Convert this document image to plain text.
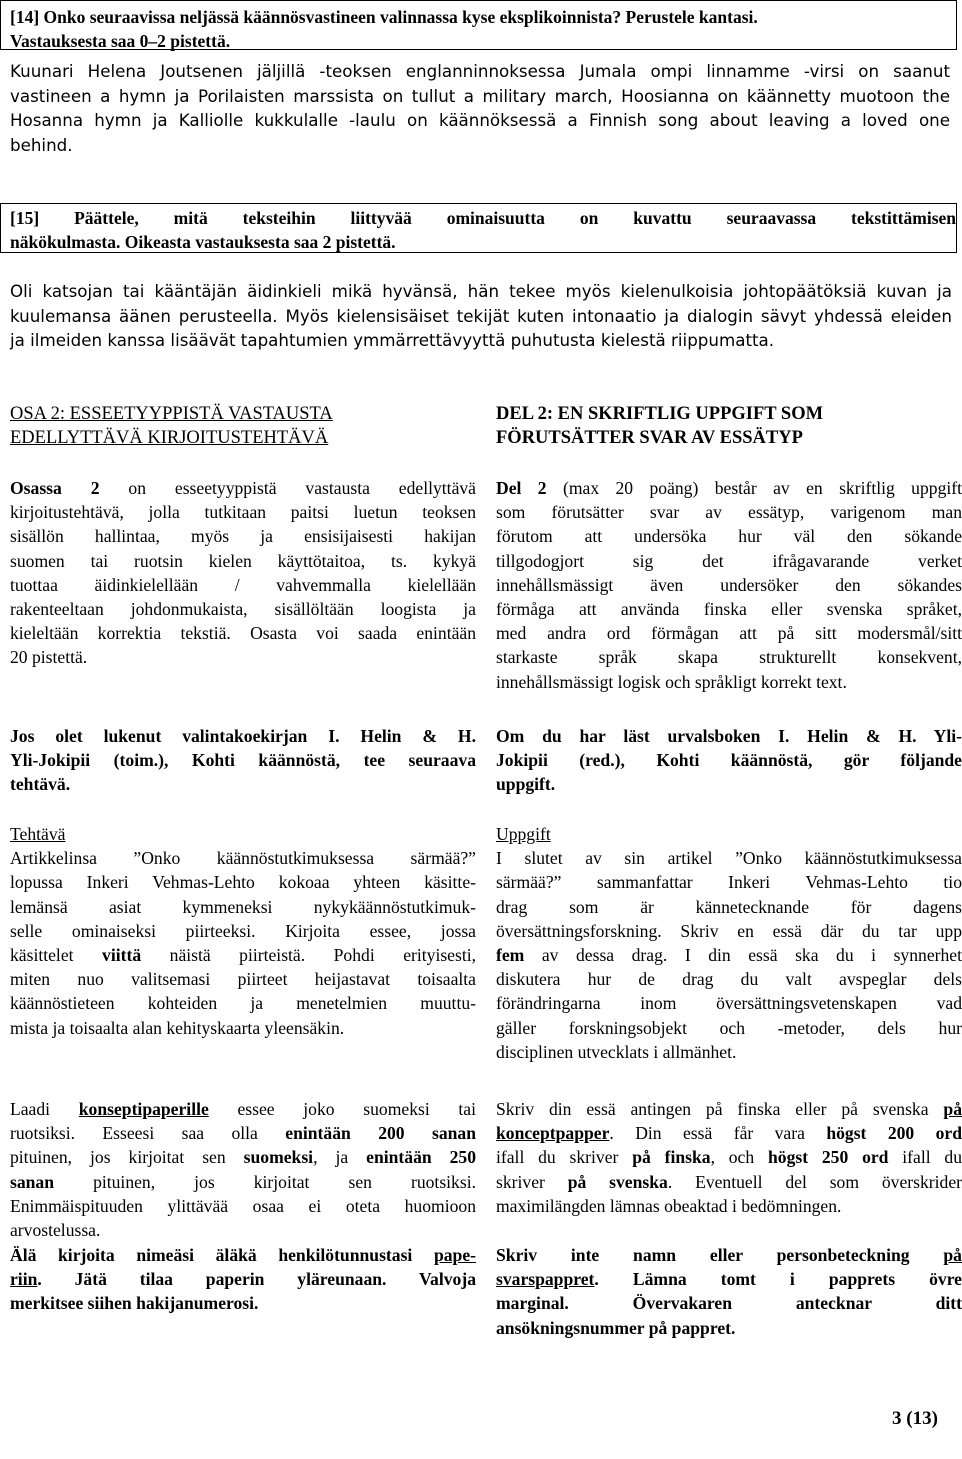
[14] Onko seuraavissa neljässä käännösvastineen valinnassa kyse eksplikoinnista? Perustele kantasi.
Vastauksesta saa 0–2 pistettä.
Kuunari Helena Joutsenen jäljillä -teoksen englanninnoksessa Jumala ompi linnamme -virsi on saanut
vastineen a hymn ja Porilaisten marssista on tullut a military march, Hoosianna on käännetty muotoon the
Hosanna hymn ja Kalliolle kukkulalle -laulu on käännöksessä a Finnish song about leaving a loved one
behind.
[15] Päättele, mitä teksteihin liittyvää ominaisuutta on kuvattu seuraavassa tekstittämisen
näkökulmasta. Oikeasta vastauksesta saa 2 pistettä.
Oli katsojan tai kääntäjän äidinkieli mikä hyvänsä, hän tekee myös kielenulkoisia johtopäätöksiä kuvan ja
kuulemansa äänen perusteella. Myös kielensisäiset tekijät kuten intonaatio ja dialogin sävyt yhdessä eleiden
ja ilmeiden kanssa lisäävät tapahtumien ymmärrettävyyttä puhutusta kielestä riippumatta.
OSA 2: ESSEETYYPPISTÄ VASTAUSTA
EDELLYTTÄVÄ KIRJOITUSTEHTÄVÄ
Osassa 2 on esseetyyppistä vastausta edellyttävä
kirjoitustehtävä, jolla tutkitaan paitsi luetun teoksen
sisällön hallintaa, myös ja ensisijaisesti hakijan
suomen tai ruotsin kielen käyttötaitoa, ts. kykyä
tuottaa äidinkielellään / vahvemmalla kielellään
rakenteeltaan johdonmukaista, sisällöltään loogista ja
kieleltään korrektia tekstiä. Osasta voi saada enintään
20 pistettä.
Jos olet lukenut valintakoekirjan I. Helin & H.
Yli-Jokipii (toim.), Kohti käännöstä, tee seuraava
tehtävä.
Tehtävä
Artikkelinsa ”Onko käännöstutkimuksessa särmää?”
lopussa Inkeri Vehmas-Lehto kokoaa yhteen käsitte-
lemänsä asiat kymmeneksi nykykäännöstutkimuk-
selle ominaiseksi piirteeksi. Kirjoita essee, jossa
käsittelet viittä näistä piirteistä. Pohdi erityisesti,
miten nuo valitsemasi piirteet heijastavat toisaalta
käännöstieteen kohteiden ja menetelmien muuttu-
mista ja toisaalta alan kehityskaarta yleensäkin.
Laadi konseptipaperille essee joko suomeksi tai
ruotsiksi. Esseesi saa olla enintään 200 sanan
pituinen, jos kirjoitat sen suomeksi, ja enintään 250
sanan pituinen, jos kirjoitat sen ruotsiksi.
Enimmäispituuden ylittävää osaa ei oteta huomioon
arvostelussa.
Älä kirjoita nimeäsi äläkä henkilötunnustasi pape-
riin. Jätä tilaa paperin yläreunaan. Valvoja
merkitsee siihen hakijanumerosi.
DEL 2: EN SKRIFTLIG UPPGIFT SOM
FÖRUTSÄTTER SVAR AV ESSÄTYP
Del 2 (max 20 poäng) består av en skriftlig uppgift
som förutsätter svar av essätyp, varigenom man
förutom att undersöka hur väl den sökande
tillgodogjort sig det ifrågavarande verket
innehållsmässigt även undersöker den sökandes
förmåga att använda finska eller svenska språket,
med andra ord förmågan att på sitt modersmål/sitt
starkaste språk skapa strukturellt konsekvent,
innehållsmässigt logisk och språkligt korrekt text.
Om du har läst urvalsboken I. Helin & H. Yli-
Jokipii (red.), Kohti käännöstä, gör följande
uppgift.
Uppgift
I slutet av sin artikel ”Onko käännöstutkimuksessa
särmää?” sammanfattar Inkeri Vehmas-Lehto tio
drag som är kännetecknande för dagens
översättningsforskning. Skriv en essä där du tar upp
fem av dessa drag. I din essä ska du i synnerhet
diskutera hur de drag du valt avspeglar dels
förändringarna inom översättningsvetenskapen vad
gäller forskningsobjekt och -metoder, dels hur
disciplinen utvecklats i allmänhet.
Skriv din essä antingen på finska eller på svenska på
konceptpapper. Din essä får vara högst 200 ord
ifall du skriver på finska, och högst 250 ord ifall du
skriver på svenska. Eventuell del som överskrider
maximilängden lämnas obeaktad i bedömningen.
Skriv inte namn eller personbeteckning på
svarspappret. Lämna tomt i papprets övre
marginal. Övervakaren antecknar ditt
ansökningsnummer på pappret.
3 (13)
